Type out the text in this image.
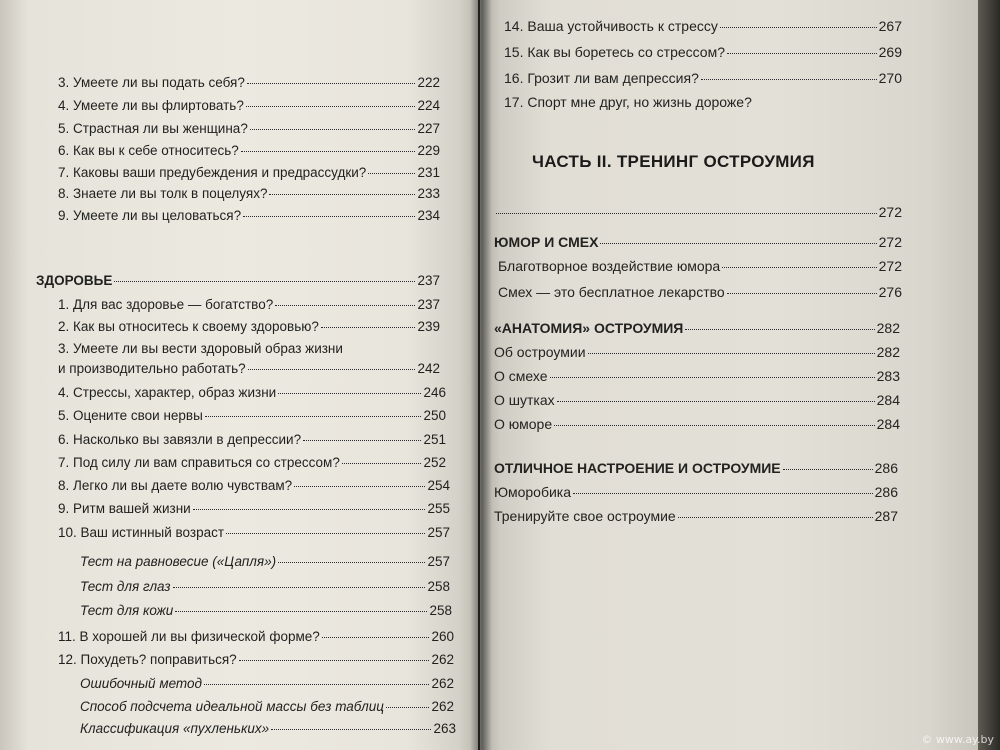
3. Умеете ли вы подать себя?	222
4. Умеете ли вы флиртовать?	224
5. Страстная ли вы женщина?	227
6. Как вы к себе относитесь?	229
7. Каковы ваши предубеждения и предрассудки?	231
8. Знаете ли вы толк в поцелуях?	233
9. Умеете ли вы целоваться?	234
ЗДОРОВЬЕ	237
1. Для вас здоровье — богатство?	237
2. Как вы относитесь к своему здоровью?	239
3. Умеете ли вы вести здоровый образ жизни
и производительно работать?	242
4. Стрессы, характер, образ жизни	246
5. Оцените свои нервы	250
6. Насколько вы завязли в депрессии?	251
7. Под силу ли вам справиться со стрессом?	252
8. Легко ли вы даете волю чувствам?	254
9. Ритм вашей жизни	255
10. Ваш истинный возраст	257
Тест на равновесие («Цапля»)	257
Тест для глаз	258
Тест для кожи	258
11. В хорошей ли вы физической форме?	260
12. Похудеть? поправиться?	262
Ошибочный метод	262
Способ подсчета идеальной массы без таблиц	262
Классификация «пухленьких»	263
14. Ваша устойчивость к стрессу	267
15. Как вы боретесь со стрессом?	269
16. Грозит ли вам депрессия?	270
17. Спорт мне друг, но жизнь дороже?
ЧАСТЬ II. ТРЕНИНГ ОСТРОУМИЯ
272
ЮМОР И СМЕХ	272
Благотворное воздействие юмора	272
Смех — это бесплатное лекарство	276
«АНАТОМИЯ» ОСТРОУМИЯ	282
Об остроумии	282
О смехе	283
О шутках	284
О юморе	284
ОТЛИЧНОЕ НАСТРОЕНИЕ И ОСТРОУМИЕ	286
Юморобика	286
Тренируйте свое остроумие	287
© www.ay.by
